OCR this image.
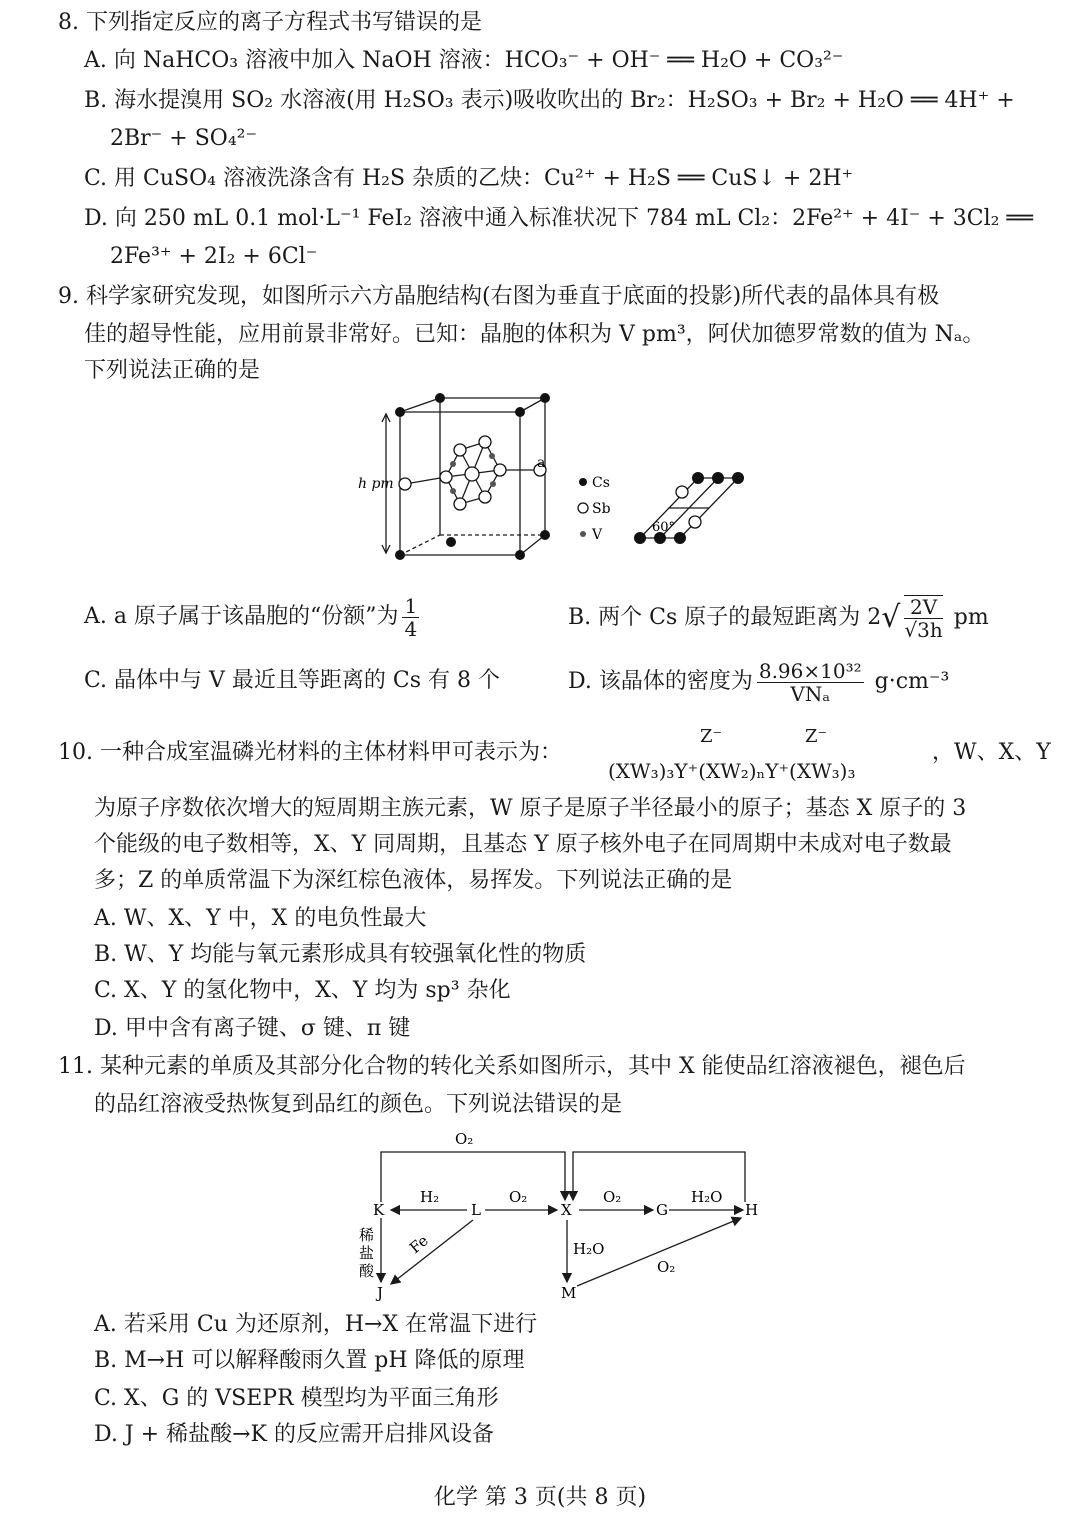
8. 下列指定反应的离子方程式书写错误的是
A. 向 NaHCO₃ 溶液中加入 NaOH 溶液：HCO₃⁻ + OH⁻ ══ H₂O + CO₃²⁻
B. 海水提溴用 SO₂ 水溶液(用 H₂SO₃ 表示)吸收吹出的 Br₂：H₂SO₃ + Br₂ + H₂O ══ 4H⁺ +
2Br⁻ + SO₄²⁻
C. 用 CuSO₄ 溶液洗涤含有 H₂S 杂质的乙炔：Cu²⁺ + H₂S ══ CuS↓ + 2H⁺
D. 向 250 mL 0.1 mol·L⁻¹ FeI₂ 溶液中通入标准状况下 784 mL Cl₂：2Fe²⁺ + 4I⁻ + 3Cl₂ ══
2Fe³⁺ + 2I₂ + 6Cl⁻
9. 科学家研究发现，如图所示六方晶胞结构(右图为垂直于底面的投影)所代表的晶体具有极
佳的超导性能，应用前景非常好。已知：晶胞的体积为 V pm³，阿伏加德罗常数的值为 Nₐ。
下列说法正确的是
h pm
a
Cs
Sb
V	60°
A. a 原子属于该晶胞的“份额”为 $\frac{1}{4}$	B. 两个 Cs 原子的最短距离为 $2√ \frac{2V}{√3h}$ pm
C. 晶体中与 V 最近且等距离的 Cs 有 8 个	D. 该晶体的密度为 $\frac{\text{8.96×10³²}}{\text{VNₐ}} g\cdot cm^{-3}$
10. 一种合成室温磷光材料的主体材料甲可表示为：
Z⁻	Z⁻
(XW₃)₃Y⁺(XW₂)ₙY⁺(XW₃)₃
，W、X、Y
为原子序数依次增大的短周期主族元素，W 原子是原子半径最小的原子；基态 X 原子的 3
个能级的电子数相等，X、Y 同周期，且基态 Y 原子核外电子在同周期中未成对电子数最
多；Z 的单质常温下为深红棕色液体，易挥发。下列说法正确的是
A. W、X、Y 中，X 的电负性最大
B. W、Y 均能与氧元素形成具有较强氧化性的物质
C. X、Y 的氢化物中，X、Y 均为 sp³ 杂化
D. 甲中含有离子键、σ 键、π 键
11. 某种元素的单质及其部分化合物的转化关系如图所示，其中 X 能使品红溶液褪色，褪色后
的品红溶液受热恢复到品红的颜色。下列说法错误的是
O₂
H₂	O₂	O₂	H₂O
H₂O
O₂
Fe
稀
盐
酸
K	L	X	G	H
J	M
A. 若采用 Cu 为还原剂，H→X 在常温下进行
B. M→H 可以解释酸雨久置 pH 降低的原理
C. X、G 的 VSEPR 模型均为平面三角形
D. J + 稀盐酸→K 的反应需开启排风设备
化学 第 3 页(共 8 页)
